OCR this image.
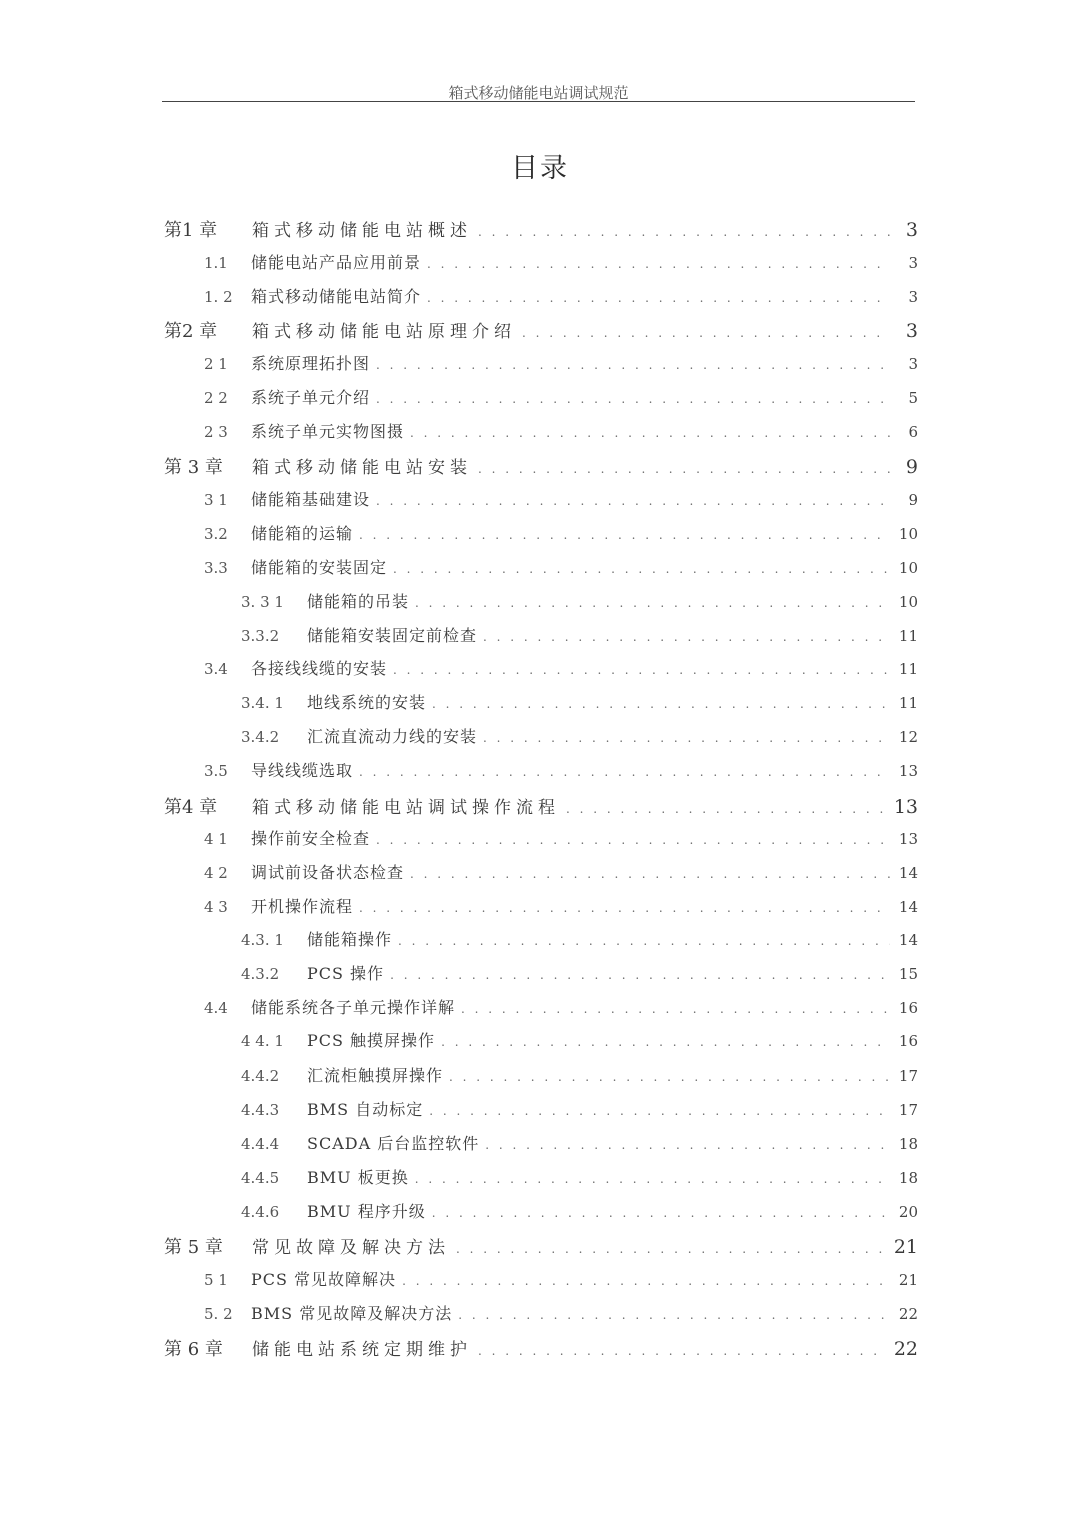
箱式移动储能电站调试规范
目录
第1 章	箱式移动储能电站概述 . . .	3
1.1	储能电站产品应用前景 . . .	3
1. 2	箱式移动储能电站简介 . . .	3
第2 章	箱式移动储能电站原理介绍 . . .	3
2 1	系统原理拓扑图 . . .	3
2 2	系统子单元介绍 . . .	5
2 3	系统子单元实物图摄 . . .	6
第 3 章	箱式移动储能电站安装 . . .	9
3 1	储能箱基础建设 . . .	9
3.2	储能箱的运输 . . .	10
3.3	储能箱的安装固定 . . .	10
3. 3 1	储能箱的吊装 . . .	10
3.3.2	储能箱安装固定前检查 . . .	11
3.4	各接线线缆的安装 . . .	11
3.4. 1	地线系统的安装 . . .	11
3.4.2	汇流直流动力线的安装 . . .	12
3.5	导线线缆选取 . . .	13
第4 章	箱式移动储能电站调试操作流程 . . .	13
4 1	操作前安全检查 . . .	13
4 2	调试前设备状态检查 . . .	14
4 3	开机操作流程 . . .	14
4.3. 1	储能箱操作 . . .	14
4.3.2	PCS 操作 . . .	15
4.4	储能系统各子单元操作详解 . . .	16
4 4. 1	PCS 触摸屏操作 . . .	16
4.4.2	汇流柜触摸屏操作 . . .	17
4.4.3	BMS 自动标定 . . .	17
4.4.4	SCADA 后台监控软件 . . .	18
4.4.5	BMU 板更换 . . .	18
4.4.6	BMU 程序升级 . . .	20
第 5 章	常见故障及解决方法 . . .	21
5 1	PCS 常见故障解决 . . .	21
5. 2	BMS 常见故障及解决方法 . . .	22
第 6 章	储能电站系统定期维护 . . .	22
